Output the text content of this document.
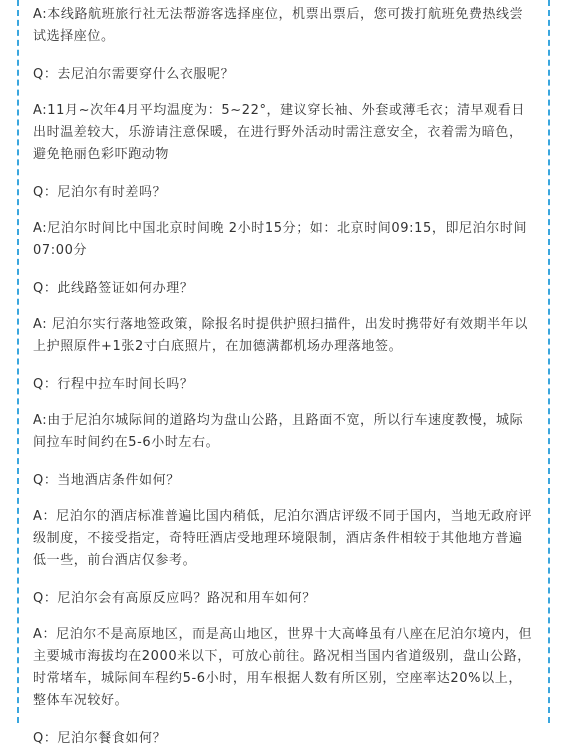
A:本线路航班旅行社无法帮游客选择座位，机票出票后，您可拨打航班免费热线尝试选择座位。

Q：去尼泊尔需要穿什么衣服呢？

A:11月~次年4月平均温度为：5~22°，建议穿长袖、外套或薄毛衣；清早观看日出时温差较大，乐游请注意保暖，在进行野外活动时需注意安全，衣着需为暗色，避免艳丽色彩吓跑动物

Q：尼泊尔有时差吗？

A:尼泊尔时间比中国北京时间晚 2小时15分；如：北京时间09:15，即尼泊尔时间 07:00分

Q：此线路签证如何办理？

A: 尼泊尔实行落地签政策，除报名时提供护照扫描件，出发时携带好有效期半年以上护照原件+1张2寸白底照片，在加德满都机场办理落地签。

Q：行程中拉车时间长吗？

A:由于尼泊尔城际间的道路均为盘山公路，且路面不宽，所以行车速度教慢，城际间拉车时间约在5-6小时左右。

Q：当地酒店条件如何？

A：尼泊尔的酒店标准普遍比国内稍低，尼泊尔酒店评级不同于国内，当地无政府评级制度，不接受指定，奇特旺酒店受地理环境限制，酒店条件相较于其他地方普遍低一些，前台酒店仅参考。

Q：尼泊尔会有高原反应吗？路况和用车如何？

A：尼泊尔不是高原地区，而是高山地区，世界十大高峰虽有八座在尼泊尔境内，但主要城市海拔均在2000米以下，可放心前往。路况相当国内省道级别，盘山公路，时常堵车，城际间车程约5-6小时，用车根据人数有所区别，空座率达20%以上，整体车况较好。

Q：尼泊尔餐食如何？
